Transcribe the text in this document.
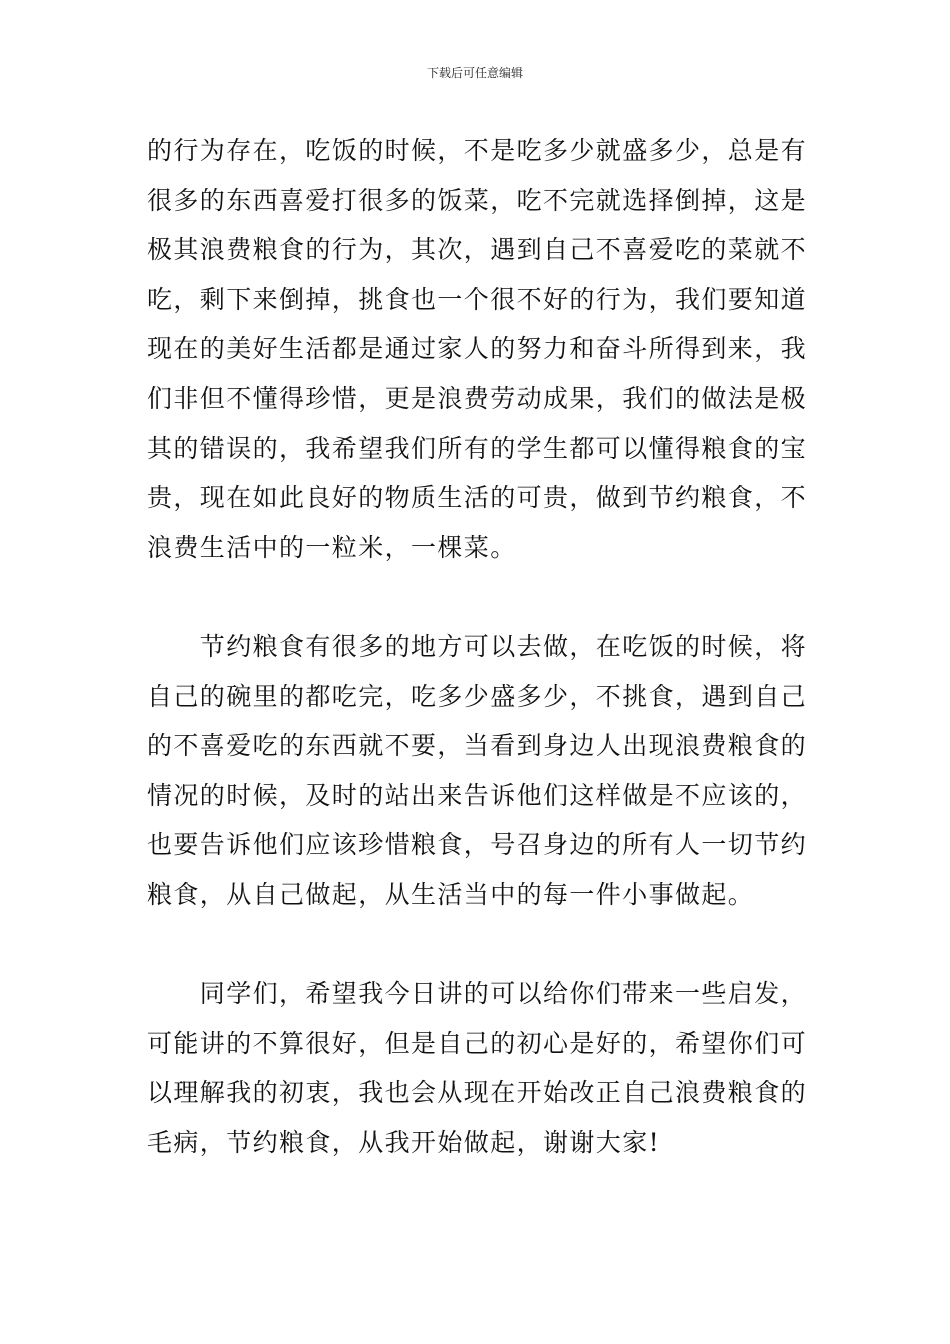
下载后可任意编辑

的行为存在，吃饭的时候，不是吃多少就盛多少，总是有
很多的东西喜爱打很多的饭菜，吃不完就选择倒掉，这是
极其浪费粮食的行为，其次，遇到自己不喜爱吃的菜就不
吃，剩下来倒掉，挑食也一个很不好的行为，我们要知道
现在的美好生活都是通过家人的努力和奋斗所得到来，我
们非但不懂得珍惜，更是浪费劳动成果，我们的做法是极
其的错误的，我希望我们所有的学生都可以懂得粮食的宝
贵，现在如此良好的物质生活的可贵，做到节约粮食，不
浪费生活中的一粒米，一棵菜。

　　节约粮食有很多的地方可以去做，在吃饭的时候，将
自己的碗里的都吃完，吃多少盛多少，不挑食，遇到自己
的不喜爱吃的东西就不要，当看到身边人出现浪费粮食的
情况的时候，及时的站出来告诉他们这样做是不应该的，
也要告诉他们应该珍惜粮食，号召身边的所有人一切节约
粮食，从自己做起，从生活当中的每一件小事做起。

　　同学们，希望我今日讲的可以给你们带来一些启发，
可能讲的不算很好，但是自己的初心是好的，希望你们可
以理解我的初衷，我也会从现在开始改正自己浪费粮食的
毛病，节约粮食，从我开始做起，谢谢大家!
